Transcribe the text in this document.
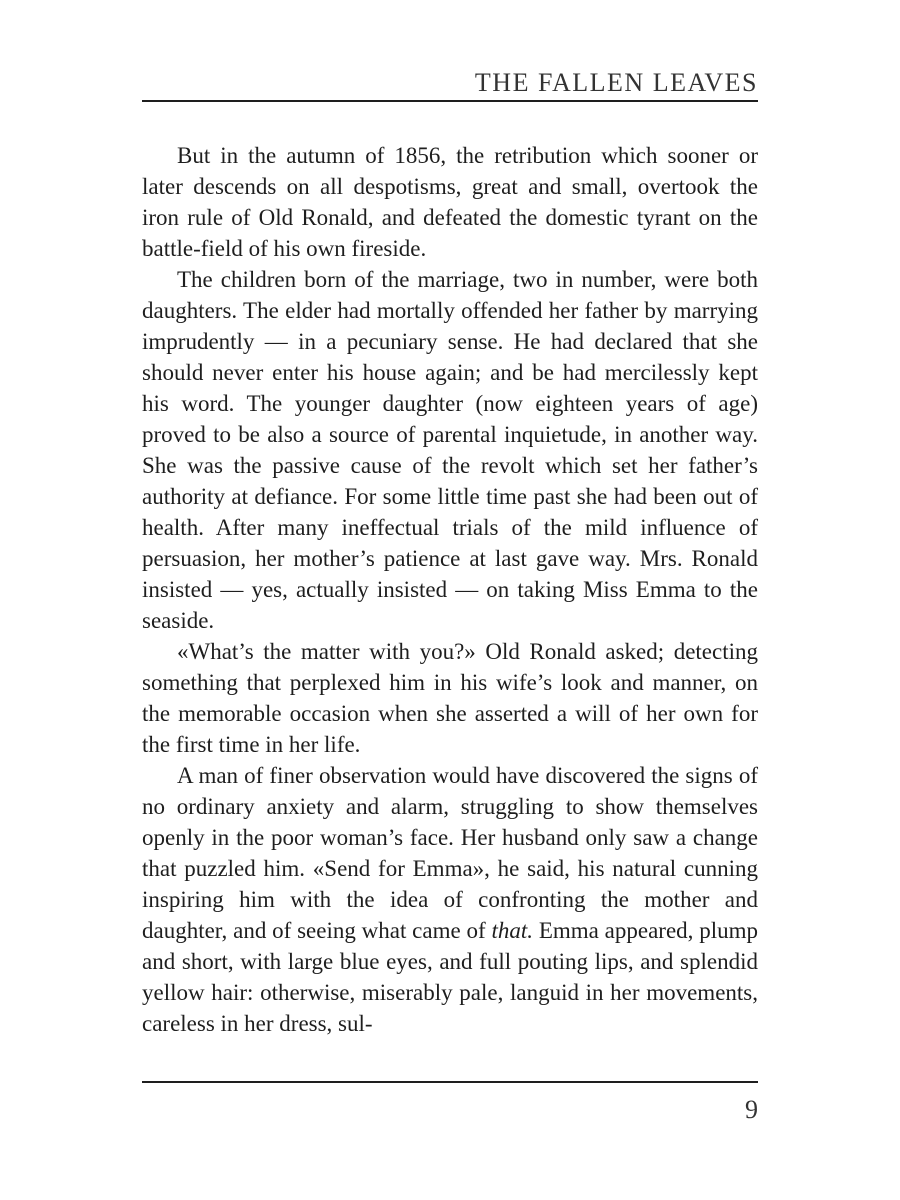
THE FALLEN LEAVES

But in the autumn of 1856, the retribution which sooner or later descends on all despotisms, great and small, overtook the iron rule of Old Ronald, and defeated the domestic tyrant on the battle-field of his own fireside.

The children born of the marriage, two in number, were both daughters. The elder had mortally offended her father by marrying imprudently — in a pecuniary sense. He had declared that she should never enter his house again; and be had mercilessly kept his word. The younger daughter (now eighteen years of age) proved to be also a source of parental inquietude, in another way. She was the passive cause of the revolt which set her father’s authority at defiance. For some little time past she had been out of health. After many ineffectual trials of the mild influence of persuasion, her mother’s patience at last gave way. Mrs. Ronald insisted — yes, actually insisted — on taking Miss Emma to the seaside.

«What’s the matter with you?» Old Ronald asked; detecting something that perplexed him in his wife’s look and manner, on the memorable occasion when she asserted a will of her own for the first time in her life.

A man of finer observation would have discovered the signs of no ordinary anxiety and alarm, struggling to show themselves openly in the poor woman’s face. Her husband only saw a change that puzzled him. «Send for Emma», he said, his natural cunning inspiring him with the idea of confronting the mother and daughter, and of seeing what came of that. Emma appeared, plump and short, with large blue eyes, and full pouting lips, and splendid yellow hair: otherwise, miserably pale, languid in her movements, careless in her dress, sul-

9
